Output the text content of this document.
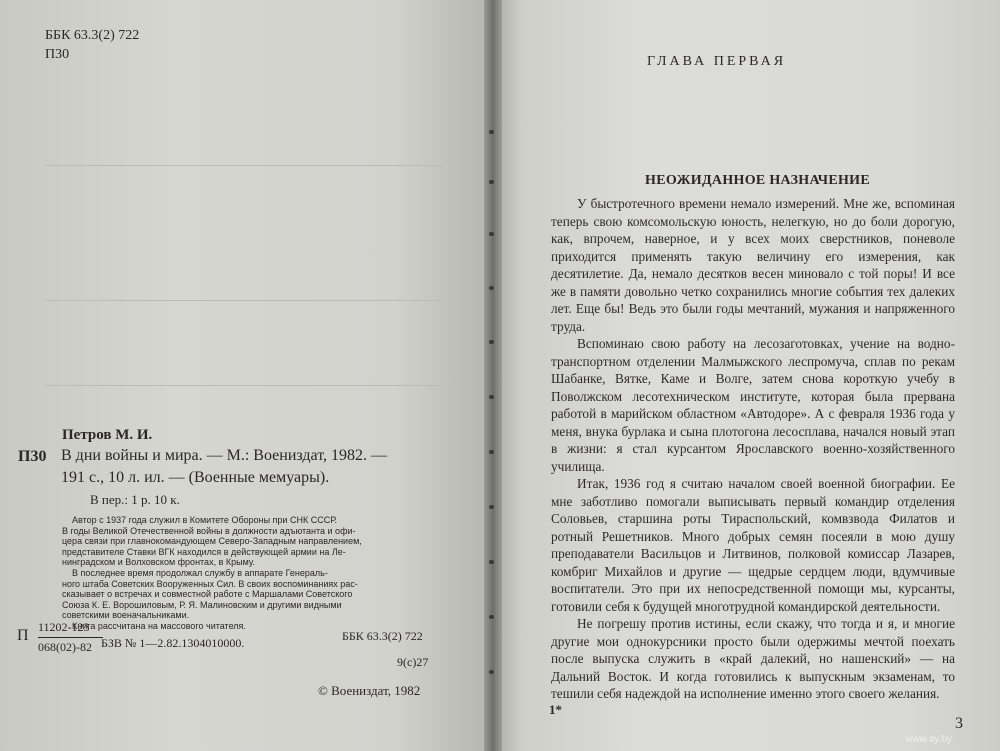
ББК 63.3(2) 722
П30
Петров М. И.
П30 В дни войны и мира. — М.: Воениздат, 1982. —
191 с., 10 л. ил. — (Военные мемуары).
В пер.: 1 р. 10 к.

Автор с 1937 года служил в Комитете Обороны при СНК СССР.

В годы Великой Отечественной войны в должности адъютанта и офи-

цера связи при главнокомандующем Северо-Западным направлением,

представителе Ставки ВГК находился в действующей армии на Ле-

нинградском и Волховском фронтах, в Крыму.

В последнее время продолжал службу в аппарате Генераль-

ного штаба Советских Вооруженных Сил. В своих воспоминаниях рас-

сказывает о встречах и совместной работе с Маршалами Советского

Союза К. Е. Ворошиловым, Р. Я. Малиновским и другими видными

советскими военачальниками.

Книга рассчитана на массового читателя.

П 11202-123
068(02)-82 БЗВ № 1—2.82.1304010000.	ББК 63.3(2) 722
9(с)27
© Воениздат, 1982
ГЛАВА ПЕРВАЯ
НЕОЖИДАННОЕ НАЗНАЧЕНИЕ

У быстротечного времени немало измерений. Мне же, вспоминая теперь свою комсомольскую юность, нелегкую, но до боли дорогую, как, впрочем, наверное, и у всех моих сверстников, поневоле приходится применять такую величину его измерения, как десятилетие. Да, немало десятков весен миновало с той поры! И все же в памяти довольно четко сохранились многие события тех далеких лет. Еще бы! Ведь это были годы мечтаний, мужания и напряженного труда.

Вспоминаю свою работу на лесозаготовках, учение на воднотранспортном отделении Малмыжского леспромуча, сплав по рекам Шабанке, Вятке, Каме и Волге, затем снова короткую учебу в Поволжском лесотехническом институте, которая была прервана работой в марийском областном «Автодоре». А с февраля 1936 года у меня, внука бурлака и сына плотогона лесосплава, начался новый этап в жизни: я стал курсантом Ярославского военно-хозяйственного училища.

Итак, 1936 год я считаю началом своей военной биографии. Ее мне заботливо помогали выписывать первый командир отделения Соловьев, старшина роты Тираспольский, комвзвода Филатов и ротный Решетников. Много добрых семян посеяли в мою душу преподаватели Васильцов и Литвинов, полковой комиссар Лазарев, комбриг Михайлов и другие — щедрые сердцем люди, вдумчивые воспитатели. Это при их непосредственной помощи мы, курсанты, готовили себя к будущей многотрудной командирской деятельности.

Не погрешу против истины, если скажу, что тогда и я, и многие другие мои однокурсники просто были одержимы мечтой поехать после выпуска служить в «край далекий, но нашенский» — на Дальний Восток. И когда готовились к выпускным экзаменам, то тешили себя надеждой на исполнение именно этого своего желания.

1*
3
www.ay.by
